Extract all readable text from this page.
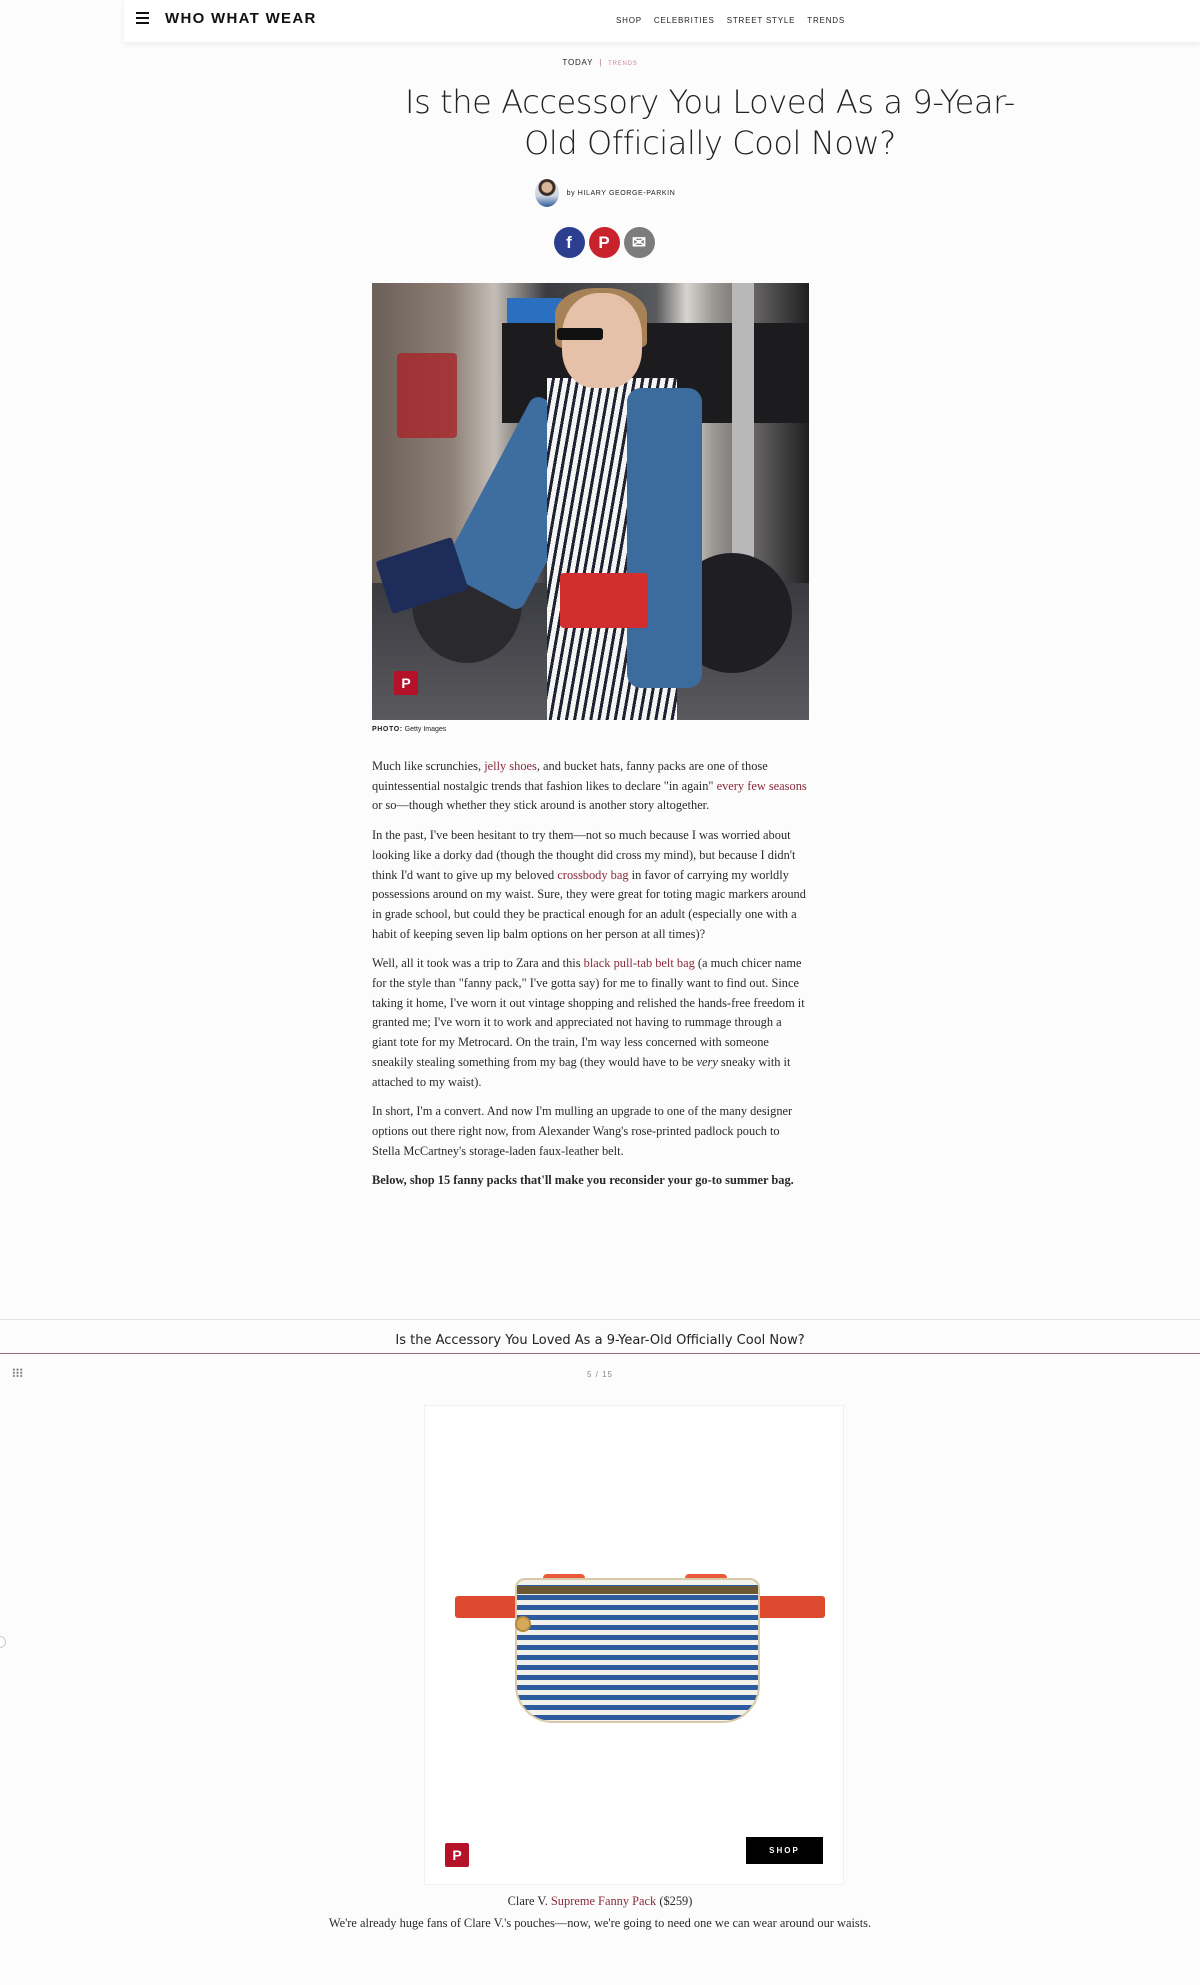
WHO WHAT WEAR	SHOP CELEBRITIES STREET STYLE TRENDS
TODAY | TRENDS
Is the Accessory You Loved As a 9-Year-Old Officially Cool Now?
by HILARY GEORGE-PARKIN
f	P	✉
P
PHOTO: Getty Images

Much like scrunchies, jelly shoes, and bucket hats, fanny packs are one of those quintessential nostalgic trends that fashion likes to declare "in again" every few seasons or so—though whether they stick around is another story altogether.

In the past, I've been hesitant to try them—not so much because I was worried about looking like a dorky dad (though the thought did cross my mind), but because I didn't think I'd want to give up my beloved crossbody bag in favor of carrying my worldly possessions around on my waist. Sure, they were great for toting magic markers around in grade school, but could they be practical enough for an adult (especially one with a habit of keeping seven lip balm options on her person at all times)?

Well, all it took was a trip to Zara and this black pull-tab belt bag (a much chicer name for the style than "fanny pack," I've gotta say) for me to finally want to find out. Since taking it home, I've worn it out vintage shopping and relished the hands-free freedom it granted me; I've worn it to work and appreciated not having to rummage through a giant tote for my Metrocard. On the train, I'm way less concerned with someone sneakily stealing something from my bag (they would have to be very sneaky with it attached to my waist).

In short, I'm a convert. And now I'm mulling an upgrade to one of the many designer options out there right now, from Alexander Wang's rose-printed padlock pouch to Stella McCartney's storage-laden faux-leather belt.

Below, shop 15 fanny packs that'll make you reconsider your go-to summer bag.

Is the Accessory You Loved As a 9-Year-Old Officially Cool Now?
5 / 15
P	SHOP
Clare V. Supreme Fanny Pack ($259)
We're already huge fans of Clare V.'s pouches—now, we're going to need one we can wear around our waists.
